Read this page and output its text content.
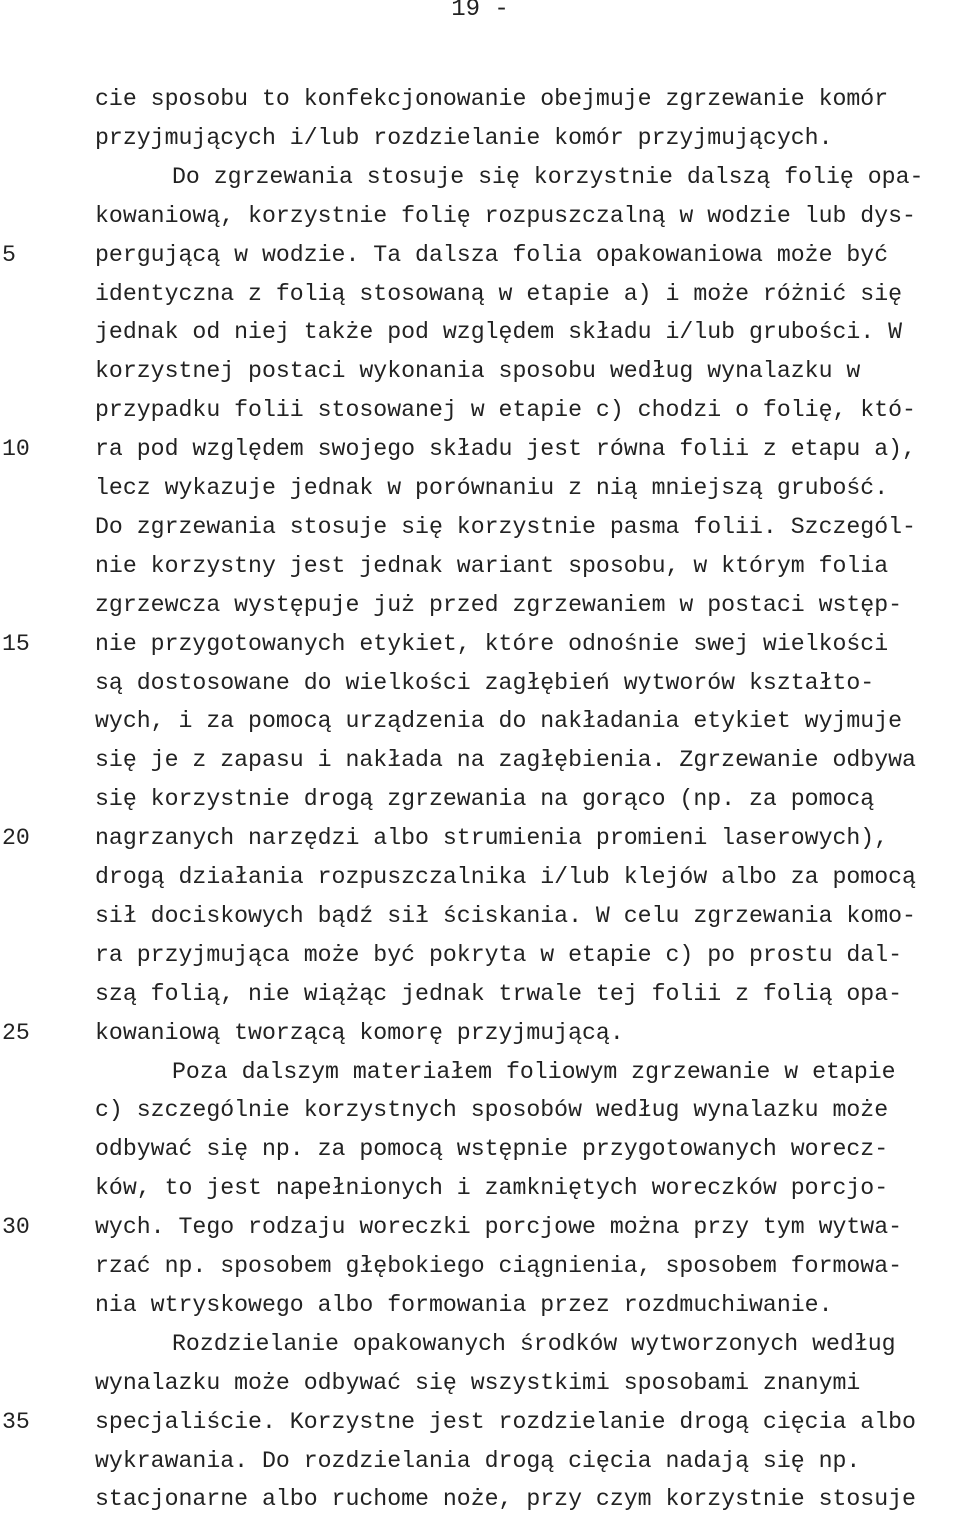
19 -
cie sposobu to konfekcjonowanie obejmuje zgrzewanie komór
przyjmujących i/lub rozdzielanie komór przyjmujących.
Do zgrzewania stosuje się korzystnie dalszą folię opa-
kowaniową, korzystnie folię rozpuszczalną w wodzie lub dys-
pergującą w wodzie. Ta dalsza folia opakowaniowa może być
identyczna z folią stosowaną w etapie a) i może różnić się
jednak od niej także pod względem składu i/lub grubości. W
korzystnej postaci wykonania sposobu według wynalazku w
przypadku folii stosowanej w etapie c) chodzi o folię, któ-
ra pod względem swojego składu jest równa folii z etapu a),
lecz wykazuje jednak w porównaniu z nią mniejszą grubość.
Do zgrzewania stosuje się korzystnie pasma folii. Szczegól-
nie korzystny jest jednak wariant sposobu, w którym folia
zgrzewcza występuje już przed zgrzewaniem w postaci wstęp-
nie przygotowanych etykiet, które odnośnie swej wielkości
są dostosowane do wielkości zagłębień wytworów kształto-
wych, i za pomocą urządzenia do nakładania etykiet wyjmuje
się je z zapasu i nakłada na zagłębienia. Zgrzewanie odbywa
się korzystnie drogą zgrzewania na gorąco (np. za pomocą
nagrzanych narzędzi albo strumienia promieni laserowych),
drogą działania rozpuszczalnika i/lub klejów albo za pomocą
sił dociskowych bądź sił ściskania. W celu zgrzewania komo-
ra przyjmująca może być pokryta w etapie c) po prostu dal-
szą folią, nie wiążąc jednak trwale tej folii z folią opa-
kowaniową tworzącą komorę przyjmującą.
Poza dalszym materiałem foliowym zgrzewanie w etapie
c) szczególnie korzystnych sposobów według wynalazku może
odbywać się np. za pomocą wstępnie przygotowanych worecz-
ków, to jest napełnionych i zamkniętych woreczków porcjo-
wych. Tego rodzaju woreczki porcjowe można przy tym wytwa-
rzać np. sposobem głębokiego ciągnienia, sposobem formowa-
nia wtryskowego albo formowania przez rozdmuchiwanie.
Rozdzielanie opakowanych środków wytworzonych według
wynalazku może odbywać się wszystkimi sposobami znanymi
specjaliście. Korzystne jest rozdzielanie drogą cięcia albo
wykrawania. Do rozdzielania drogą cięcia nadają się np.
stacjonarne albo ruchome noże, przy czym korzystnie stosuje
5
10
15
20
25
30
35
